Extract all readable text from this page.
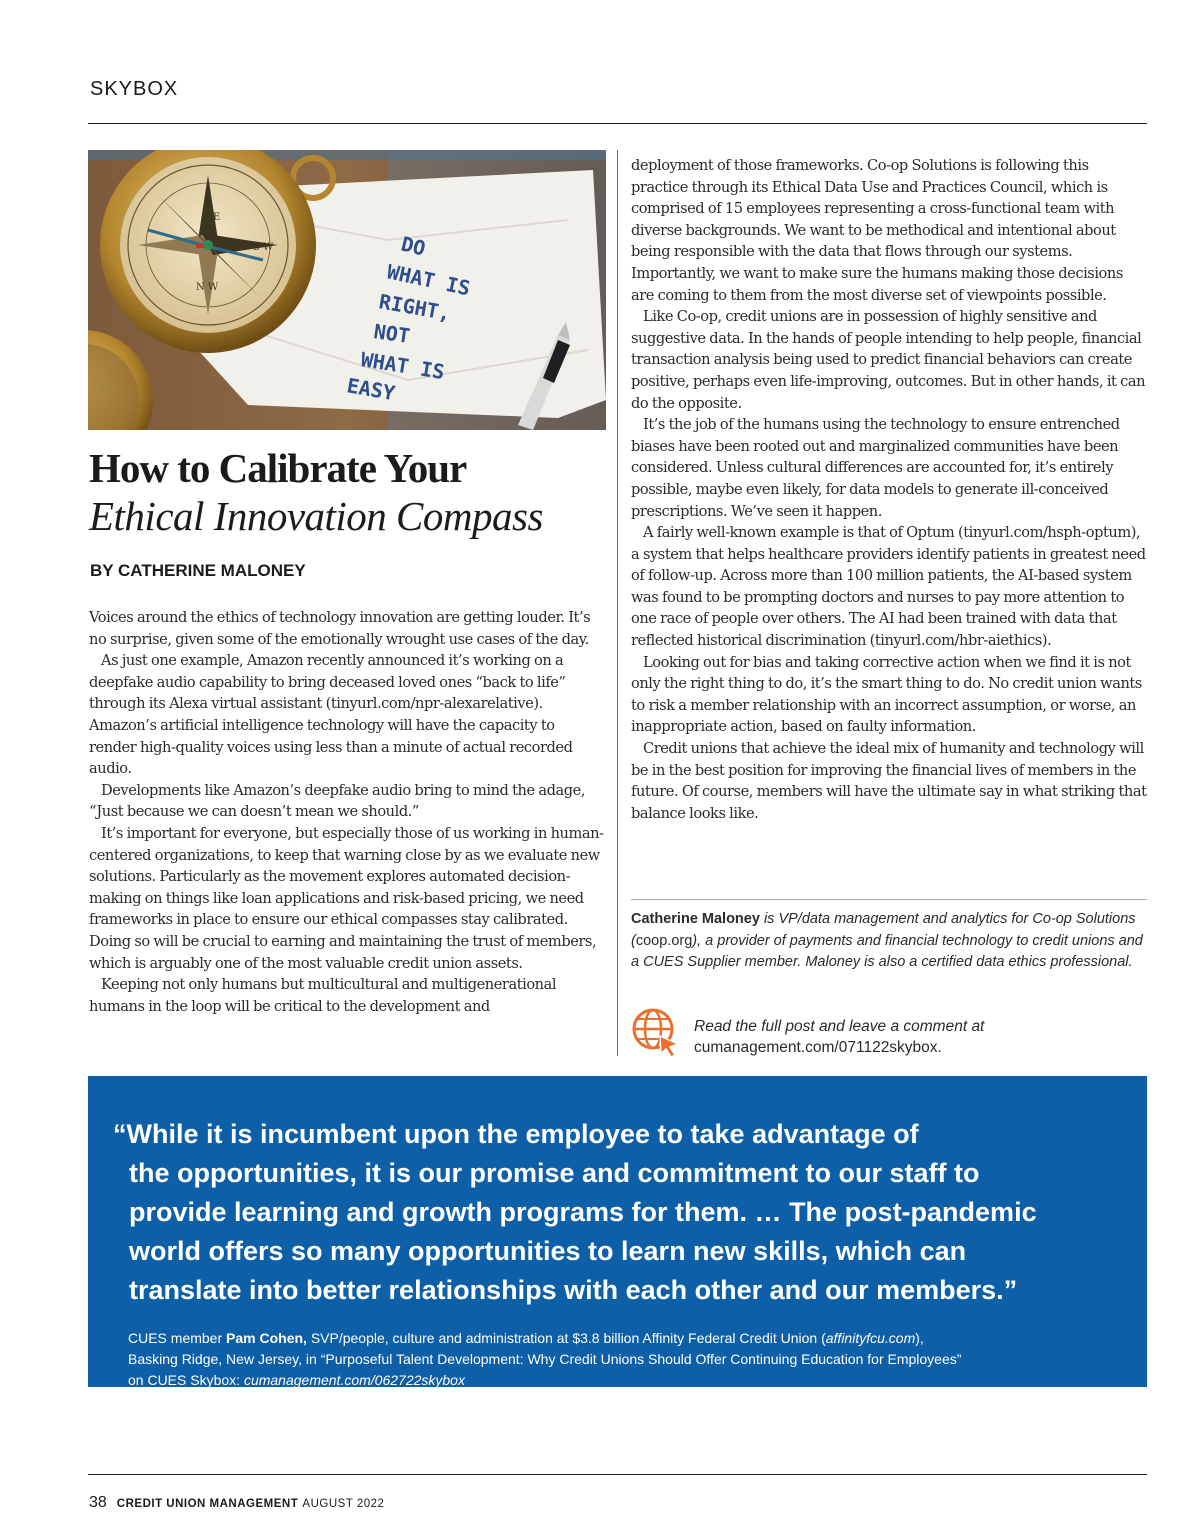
SKYBOX
S E
S W
N W
DO
WHAT IS
RIGHT,
NOT
WHAT IS
EASY
How to Calibrate Your
Ethical Innovation Compass
BY CATHERINE MALONEY

Voices around the ethics of technology innovation are getting louder. It’s no surprise, given some of the emotionally wrought use cases of the day.

As just one example, Amazon recently announced it’s working on a deepfake audio capability to bring deceased loved ones “back to life” through its Alexa virtual assistant (tinyurl.com/npr-alexarelative). Amazon’s artificial intelligence technology will have the capacity to render high-quality voices using less than a minute of actual recorded audio.

Developments like Amazon’s deepfake audio bring to mind the adage, “Just because we can doesn’t mean we should.”

It’s important for everyone, but especially those of us working in human-centered organizations, to keep that warning close by as we evaluate new solutions. Particularly as the movement explores automated decision-making on things like loan applications and risk-based pricing, we need frameworks in place to ensure our ethical compasses stay calibrated. Doing so will be crucial to earning and maintaining the trust of members, which is arguably one of the most valuable credit union assets.

Keeping not only humans but multicultural and multigenerational humans in the loop will be critical to the development and

deployment of those frameworks. Co-op Solutions is following this practice through its Ethical Data Use and Practices Council, which is comprised of 15 employees representing a cross-functional team with diverse backgrounds. We want to be methodical and intentional about being responsible with the data that flows through our systems. Importantly, we want to make sure the humans making those decisions are coming to them from the most diverse set of viewpoints possible.

Like Co-op, credit unions are in possession of highly sensitive and suggestive data. In the hands of people intending to help people, financial transaction analysis being used to predict financial behaviors can create positive, perhaps even life-improving, outcomes. But in other hands, it can do the opposite.

It’s the job of the humans using the technology to ensure entrenched biases have been rooted out and marginalized communities have been considered. Unless cultural differences are accounted for, it’s entirely possible, maybe even likely, for data models to generate ill-conceived prescriptions. We’ve seen it happen.

A fairly well-known example is that of Optum (tinyurl.com/hsph-optum), a system that helps healthcare providers identify patients in greatest need of follow-up. Across more than 100 million patients, the AI-based system was found to be prompting doctors and nurses to pay more attention to one race of people over others. The AI had been trained with data that reflected historical discrimination (tinyurl.com/hbr-aiethics).

Looking out for bias and taking corrective action when we find it is not only the right thing to do, it’s the smart thing to do. No credit union wants to risk a member relationship with an incorrect assumption, or worse, an inappropriate action, based on faulty information.

Credit unions that achieve the ideal mix of humanity and technology will be in the best position for improving the financial lives of members in the future. Of course, members will have the ultimate say in what striking that balance looks like.

Catherine Maloney is VP/data management and analytics for Co-op Solutions (coop.org), a provider of payments and financial technology to credit unions and a CUES Supplier member. Maloney is also a certified data ethics professional.
Read the full post and leave a comment at
cumanagement.com/071122skybox.
“While it is incumbent upon the employee to take advantage of
the opportunities, it is our promise and commitment to our staff to
provide learning and growth programs for them. … The post-pandemic
world offers so many opportunities to learn new skills, which can
translate into better relationships with each other and our members.”
CUES member Pam Cohen, SVP/people, culture and administration at $3.8 billion Affinity Federal Credit Union (affinityfcu.com),
Basking Ridge, New Jersey, in “Purposeful Talent Development: Why Credit Unions Should Offer Continuing Education for Employees”
on CUES Skybox: cumanagement.com/062722skybox
38 CREDIT UNION MANAGEMENT AUGUST 2022
